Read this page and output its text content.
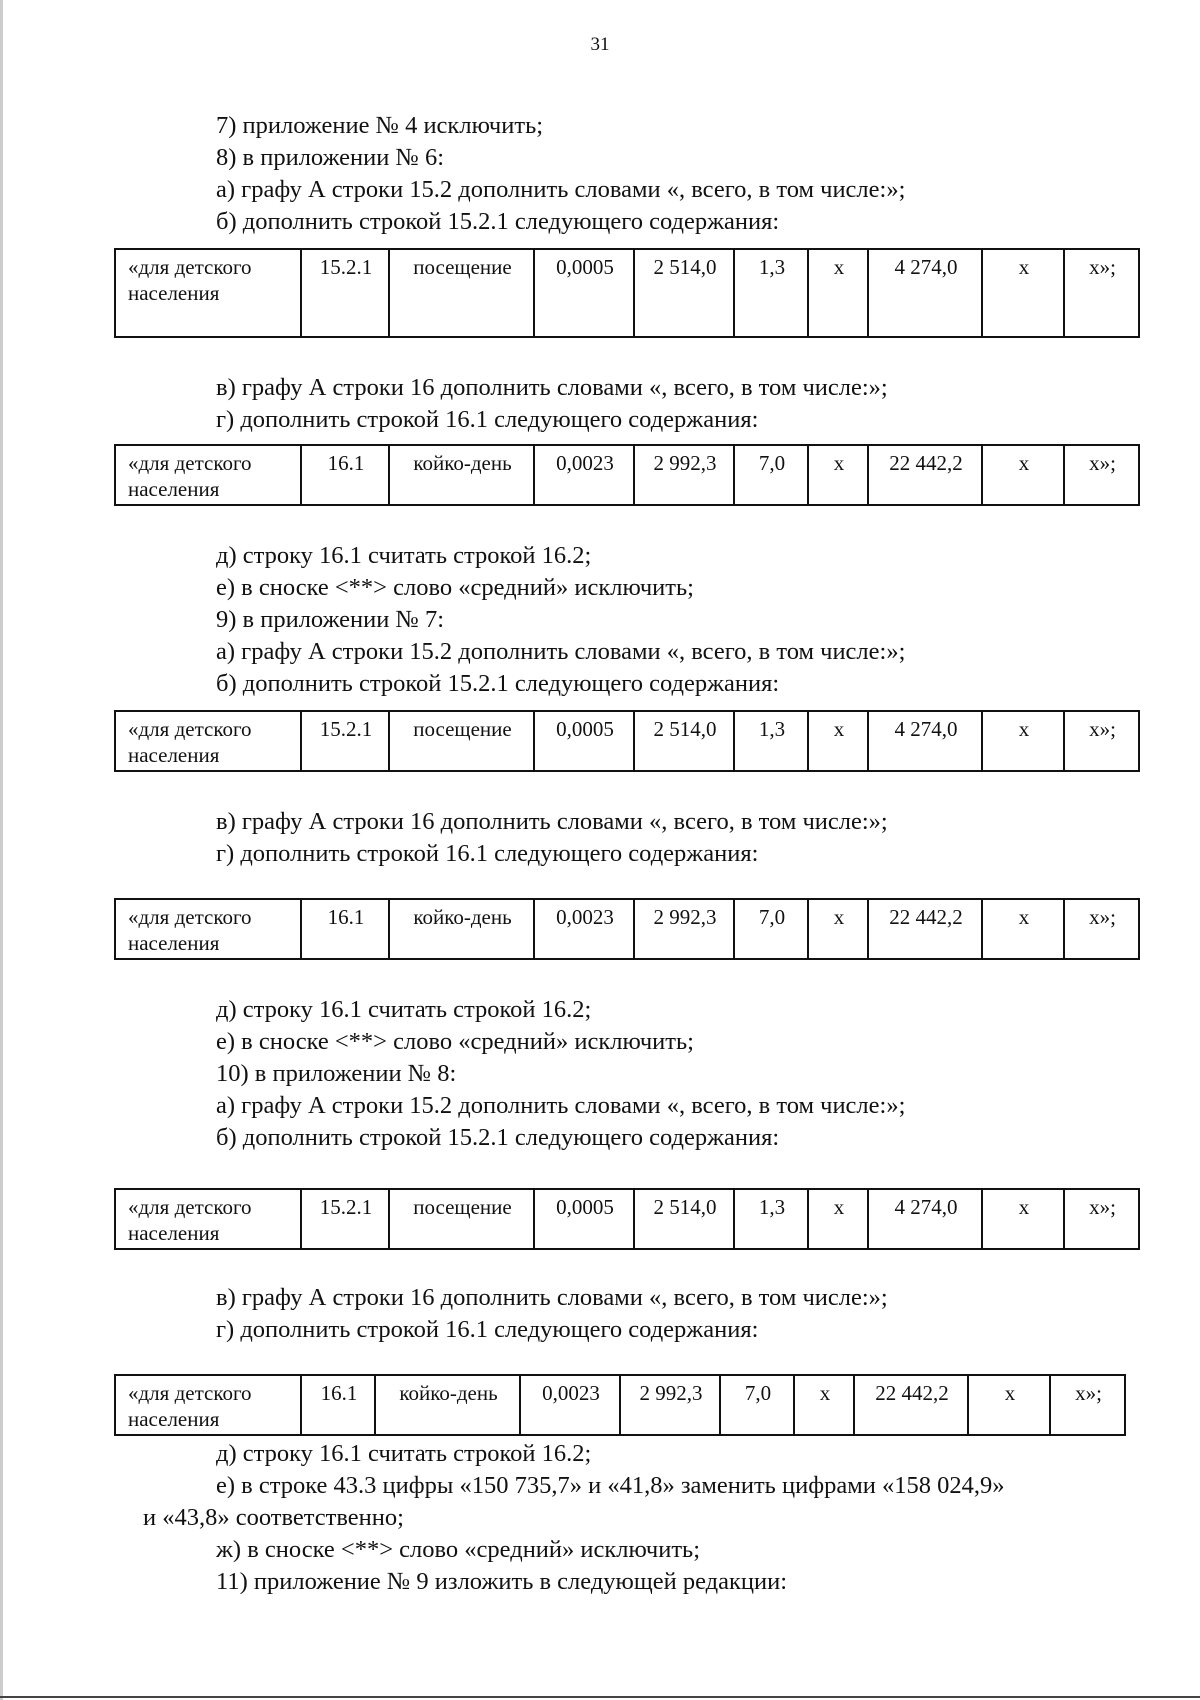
31
7) приложение № 4 исключить;
8) в приложении № 6:
а) графу А строки 15.2 дополнить словами «, всего, в том числе:»;
б) дополнить строкой 15.2.1 следующего содержания:
«для детского населения	15.2.1	посещение	0,0005	2 514,0	1,3	x	4 274,0	x	x»;
в) графу А строки 16 дополнить словами «, всего, в том числе:»;
г) дополнить строкой 16.1 следующего содержания:
«для детского населения	16.1	койко-день	0,0023	2 992,3	7,0	x	22 442,2	x	x»;
д) строку 16.1 считать строкой 16.2;
е) в сноске <**> слово «средний» исключить;
9) в приложении № 7:
а) графу А строки 15.2 дополнить словами «, всего, в том числе:»;
б) дополнить строкой 15.2.1 следующего содержания:
«для детского населения	15.2.1	посещение	0,0005	2 514,0	1,3	x	4 274,0	x	x»;
в) графу А строки 16 дополнить словами «, всего, в том числе:»;
г) дополнить строкой 16.1 следующего содержания:
«для детского населения	16.1	койко-день	0,0023	2 992,3	7,0	x	22 442,2	x	x»;
д) строку 16.1 считать строкой 16.2;
е) в сноске <**> слово «средний» исключить;
10) в приложении № 8:
а) графу А строки 15.2 дополнить словами «, всего, в том числе:»;
б) дополнить строкой 15.2.1 следующего содержания:
«для детского населения	15.2.1	посещение	0,0005	2 514,0	1,3	x	4 274,0	x	x»;
в) графу А строки 16 дополнить словами «, всего, в том числе:»;
г) дополнить строкой 16.1 следующего содержания:
«для детского населения	16.1	койко-день	0,0023	2 992,3	7,0	x	22 442,2	x	x»;
д) строку 16.1 считать строкой 16.2;
е) в строке 43.3 цифры «150 735,7» и «41,8» заменить цифрами «158 024,9»
и «43,8» соответственно;
ж) в сноске <**> слово «средний» исключить;
11) приложение № 9 изложить в следующей редакции:
